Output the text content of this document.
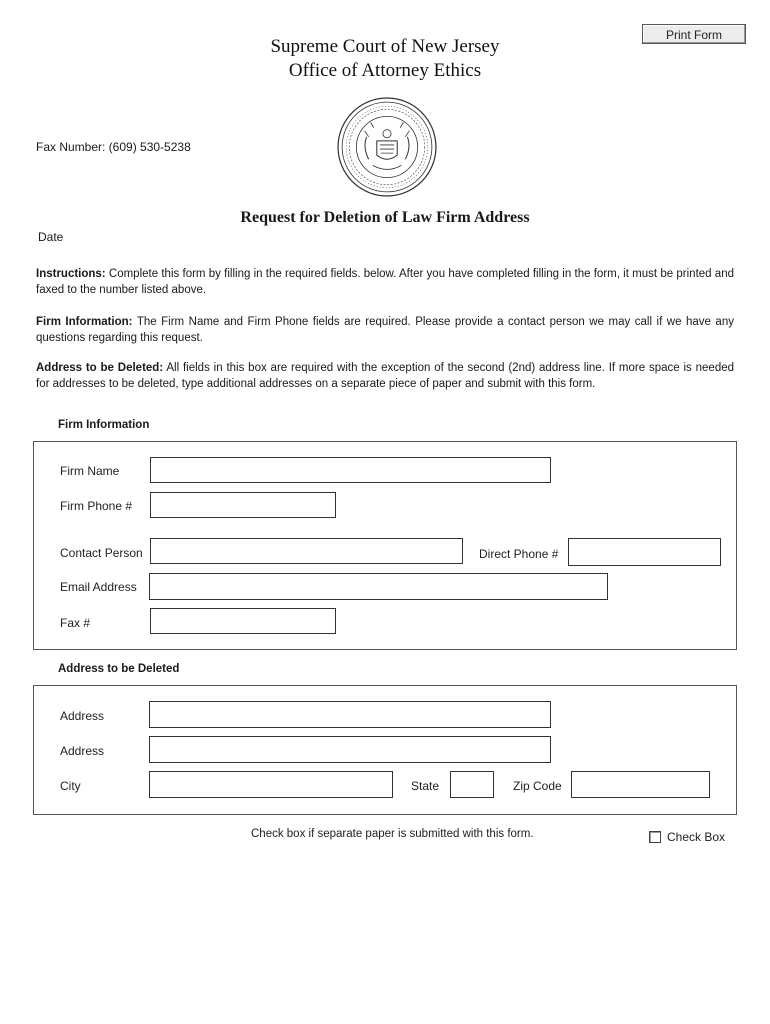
Print Form
Supreme Court of New Jersey
Office of Attorney Ethics
Fax Number: (609) 530-5238
Request for Deletion of Law Firm Address
Date
Instructions: Complete this form by filling in the required fields. below. After you have completed filling in the form, it must be printed and faxed to the number listed above.
Firm Information: The Firm Name and Firm Phone fields are required. Please provide a contact person we may call if we have any questions regarding this request.
Address to be Deleted: All fields in this box are required with the exception of the second (2nd) address line. If more space is needed for addresses to be deleted, type additional addresses on a separate piece of paper and submit with this form.
Firm Information
Firm Name
Firm Phone #
Contact Person	Direct Phone #
Email Address
Fax #
Address to be Deleted
Address
Address
City	State	Zip Code
Check box if separate paper is submitted with this form.	Check Box
